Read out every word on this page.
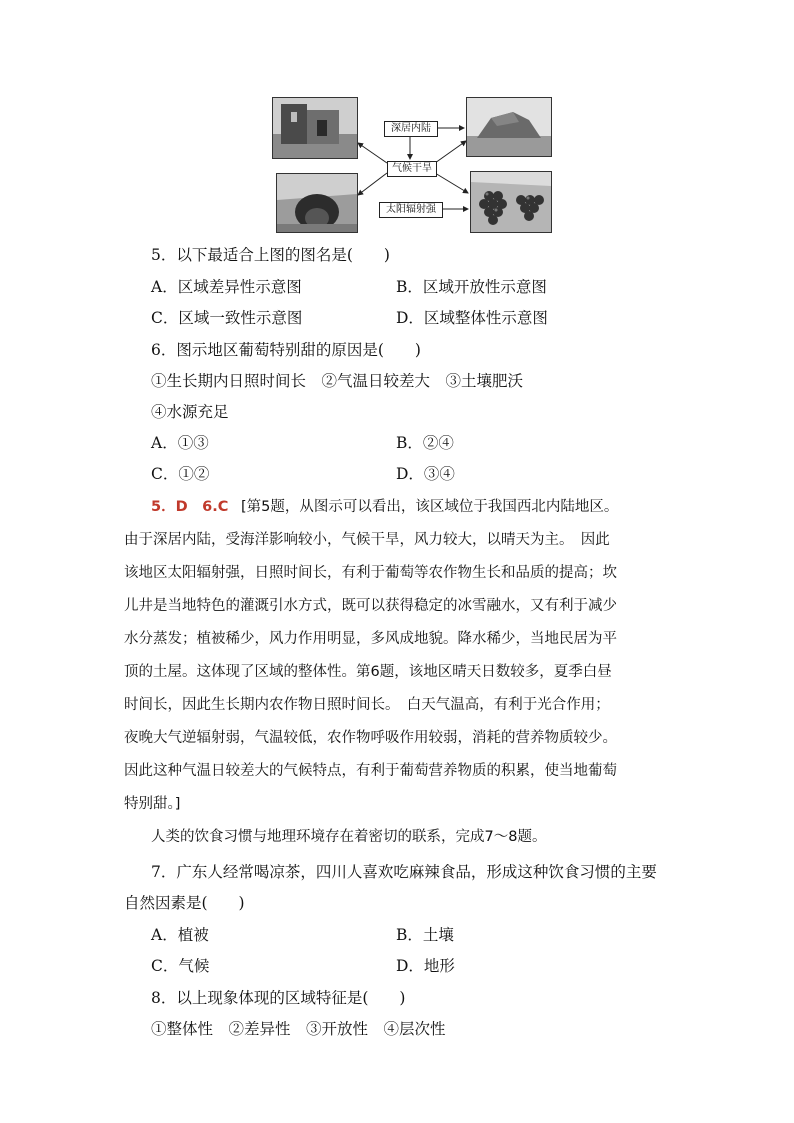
深居内陆
气候干旱
太阳辐射强
5．以下最适合上图的图名是(　　)
A．区域差异性示意图	B．区域开放性示意图
C．区域一致性示意图	D．区域整体性示意图
6．图示地区葡萄特别甜的原因是(　　)
①生长期内日照时间长　②气温日较差大　③土壤肥沃
④水源充足
A．①③	B．②④
C．①②	D．③④
5．D　6.C [第5题，从图示可以看出，该区域位于我国西北内陆地区。
由于深居内陆，受海洋影响较小，气候干旱，风力较大，以晴天为主。　因此
该地区太阳辐射强，日照时间长，有利于葡萄等农作物生长和品质的提高；坎
儿井是当地特色的灌溉引水方式，既可以获得稳定的冰雪融水，又有利于减少
水分蒸发；植被稀少，风力作用明显，多风成地貌。降水稀少，当地民居为平
顶的土屋。这体现了区域的整体性。第6题，该地区晴天日数较多，夏季白昼
时间长，因此生长期内农作物日照时间长。　白天气温高，有利于光合作用；
夜晚大气逆辐射弱，气温较低，农作物呼吸作用较弱，消耗的营养物质较少。
因此这种气温日较差大的气候特点，有利于葡萄营养物质的积累，使当地葡萄
特别甜。]
人类的饮食习惯与地理环境存在着密切的联系，完成7～8题。
7．广东人经常喝凉茶，四川人喜欢吃麻辣食品，形成这种饮食习惯的主要
自然因素是(　　)
A．植被	B．土壤
C．气候	D．地形
8．以上现象体现的区域特征是(　　)
①整体性　②差异性　③开放性　④层次性
